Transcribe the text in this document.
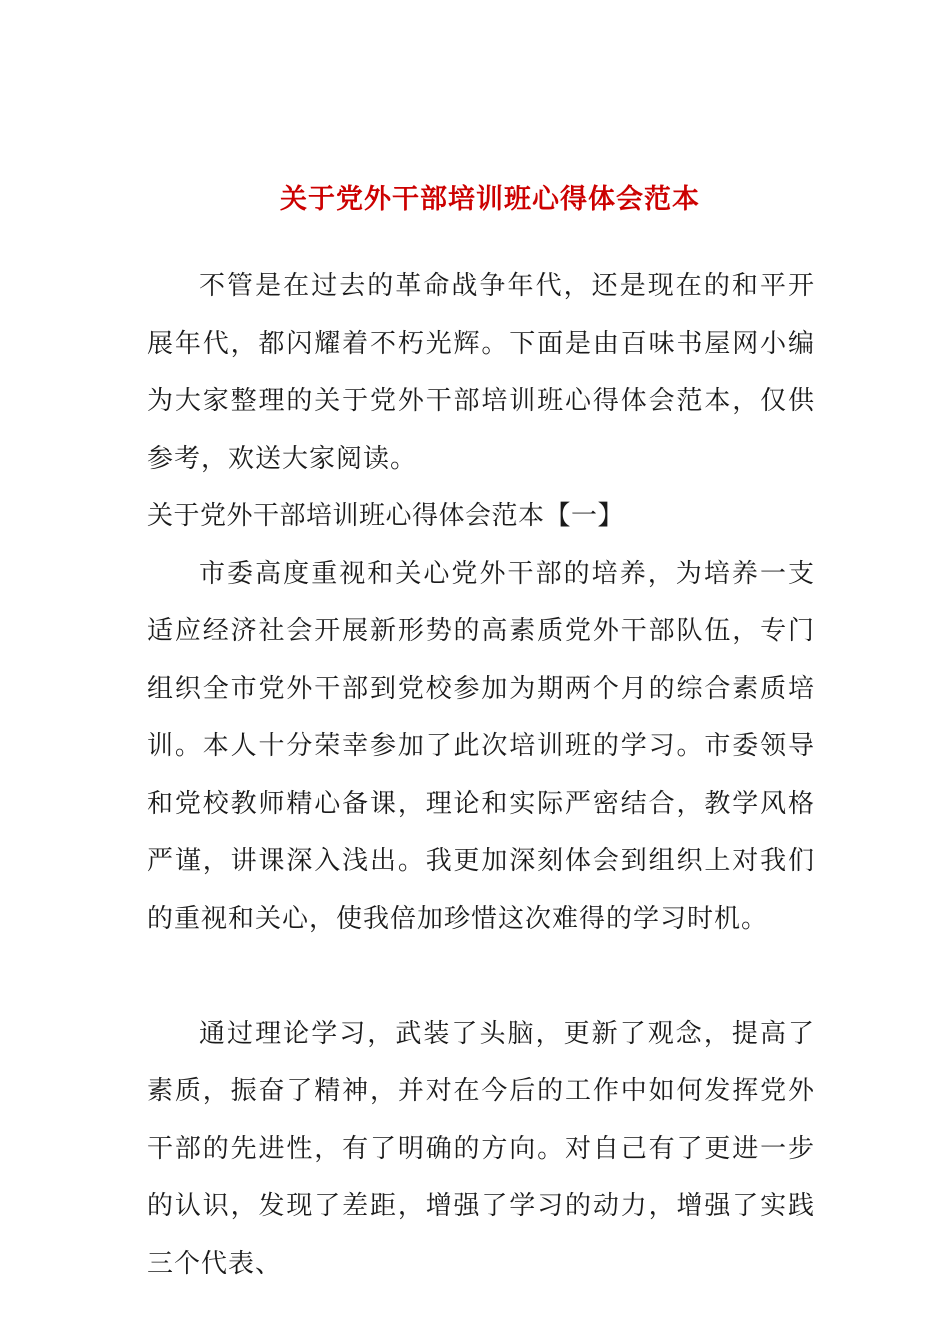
关于党外干部培训班心得体会范本

不管是在过去的革命战争年代，还是现在的和平开展年代，都闪耀着不朽光辉。下面是由百味书屋网小编为大家整理的关于党外干部培训班心得体会范本，仅供参考，欢送大家阅读。

关于党外干部培训班心得体会范本【一】

市委高度重视和关心党外干部的培养，为培养一支适应经济社会开展新形势的高素质党外干部队伍，专门组织全市党外干部到党校参加为期两个月的综合素质培训。本人十分荣幸参加了此次培训班的学习。市委领导和党校教师精心备课，理论和实际严密结合，教学风格严谨，讲课深入浅出。我更加深刻体会到组织上对我们的重视和关心，使我倍加珍惜这次难得的学习时机。

通过理论学习，武装了头脑，更新了观念，提高了素质，振奋了精神，并对在今后的工作中如何发挥党外干部的先进性，有了明确的方向。对自己有了更进一步的认识，发现了差距，增强了学习的动力，增强了实践三个代表、
